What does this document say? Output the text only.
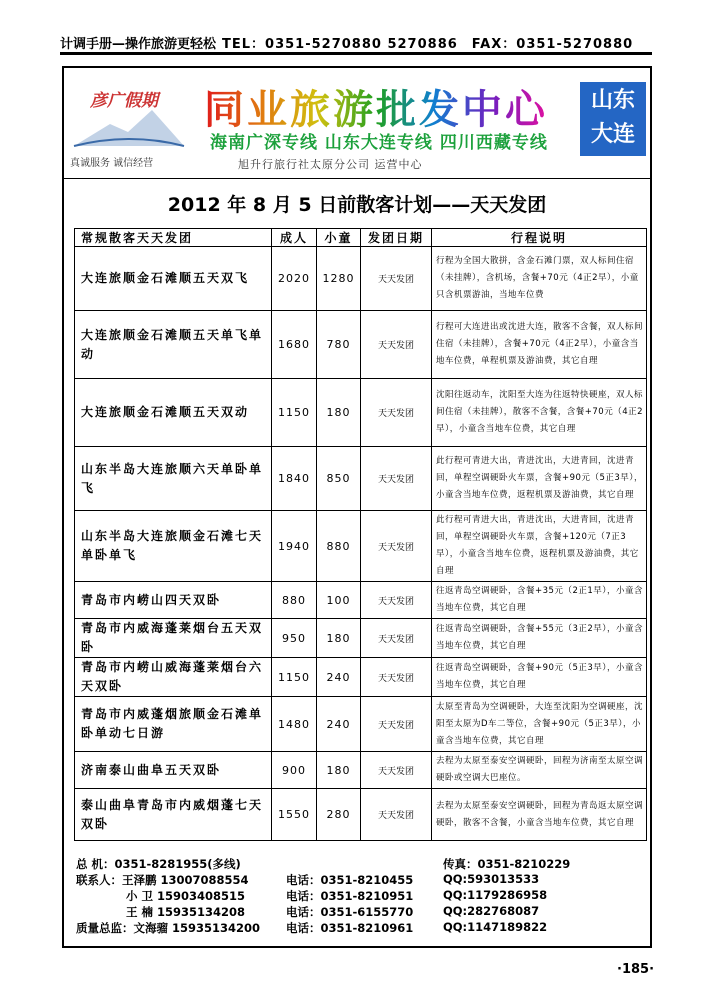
计调手册—操作旅游更轻松 TEL：0351-5270880 5270886 FAX：0351-5270880
彦广假期 同业旅游批发中心
海南广深专线 山东大连专线 四川西藏专线
山东
大连
真诚服务 诚信经营	旭升行旅行社太原分公司 运营中心
2012 年 8 月 5 日前散客计划——天天发团
常规散客天天发团	成人	小童	发团日期	行程说明
大连旅顺金石滩顺五天双飞	2020	1280	天天发团	行程为全国大散拼，含金石滩门票，双人标间住宿（未挂牌），含机场，含餐+70元（4正2早），小童只含机票游油，当地车位费
大连旅顺金石滩顺五天单飞单动	1680	780	天天发团	行程可大连进出或沈进大连，散客不含餐，双人标间住宿（未挂牌），含餐+70元（4正2早），小童含当地车位费，单程机票及游油费，其它自理
大连旅顺金石滩顺五天双动	1150	180	天天发团	沈阳往返动车，沈阳至大连为往返特快硬座，双人标间住宿（未挂牌），散客不含餐，含餐+70元（4正2早），小童含当地车位费，其它自理
山东半岛大连旅顺六天单卧单飞	1840	850	天天发团	此行程可青进大出，青进沈出，大进青回，沈进青回，单程空调硬卧火车票，含餐+90元（5正3早），小童含当地车位费，返程机票及游油费，其它自理
山东半岛大连旅顺金石滩七天单卧单飞	1940	880	天天发团	此行程可青进大出，青进沈出，大进青回，沈进青回，单程空调硬卧火车票，含餐+120元（7正3早），小童含当地车位费，返程机票及游油费，其它自理
青岛市内崂山四天双卧	880	100	天天发团	往返青岛空调硬卧，含餐+35元（2正1早），小童含当地车位费，其它自理
青岛市内威海蓬莱烟台五天双卧	950	180	天天发团	往返青岛空调硬卧，含餐+55元（3正2早），小童含当地车位费，其它自理
青岛市内崂山威海蓬莱烟台六天双卧	1150	240	天天发团	往返青岛空调硬卧，含餐+90元（5正3早），小童含当地车位费，其它自理
青岛市内威蓬烟旅顺金石滩单卧单动七日游	1480	240	天天发团	太原至青岛为空调硬卧，大连至沈阳为空调硬座，沈阳至太原为D车二等位，含餐+90元（5正3早），小童含当地车位费，其它自理
济南泰山曲阜五天双卧	900	180	天天发团	去程为太原至泰安空调硬卧，回程为济南至太原空调硬卧或空调大巴座位。
泰山曲阜青岛市内威烟蓬七天双卧	1550	280	天天发团	去程为太原至泰安空调硬卧，回程为青岛返太原空调硬卧，散客不含餐，小童含当地车位费，其它自理
总 机：0351-8281955(多线)	传真：0351-8210229
联系人：王泽鹏 13007088554	电话：0351-8210455	QQ:593013533
小 卫 15903408515	电话：0351-8210951	QQ:1179286958
王 楠 15935134208	电话：0351-6155770	QQ:282768087
质量总监：文海骝 15935134200 电话：0351-8210961	QQ:1147189822
·185·
